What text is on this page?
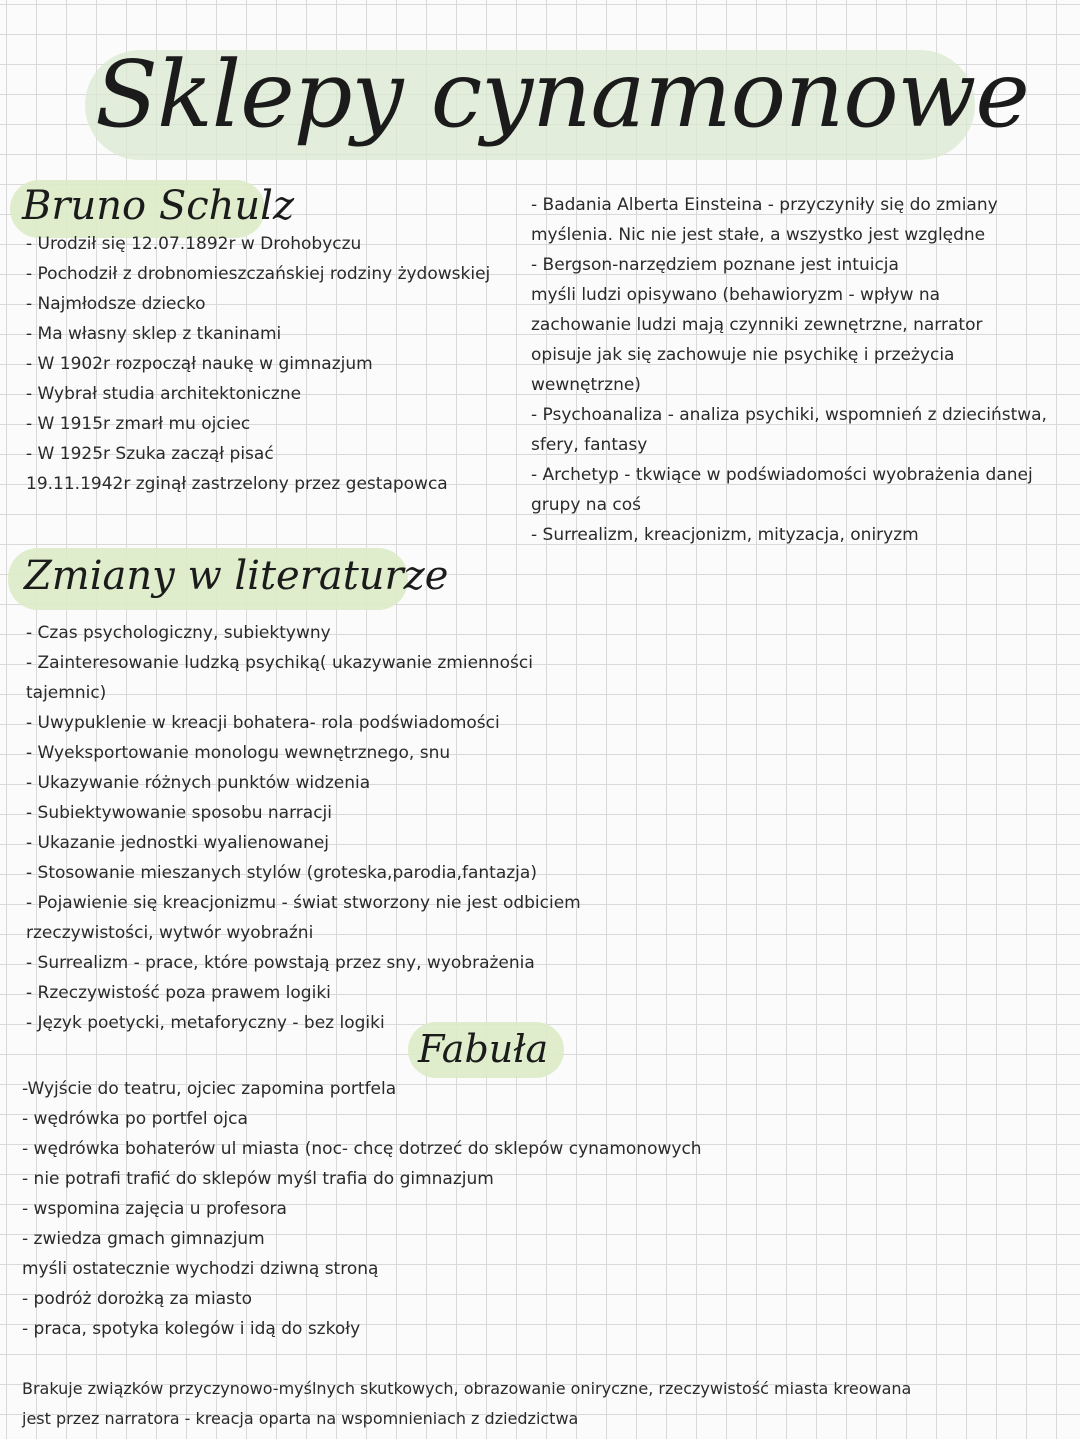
Sklepy cynamonowe
Bruno Schulz
- Urodził się 12.07.1892r w Drohobyczu
- Pochodził z drobnomieszczańskiej rodziny żydowskiej
- Najmłodsze dziecko
- Ma własny sklep z tkaninami
- W 1902r rozpoczął naukę w gimnazjum
- Wybrał studia architektoniczne
- W 1915r zmarł mu ojciec
- W 1925r Szuka zaczął pisać
19.11.1942r zginął zastrzelony przez gestapowca
- Badania Alberta Einsteina - przyczyniły się do zmiany
myślenia. Nic nie jest stałe, a wszystko jest względne
- Bergson-narzędziem poznane jest intuicja
myśli ludzi opisywano (behawioryzm - wpływ na
zachowanie ludzi mają czynniki zewnętrzne, narrator
opisuje jak się zachowuje nie psychikę i przeżycia
wewnętrzne)
- Psychoanaliza - analiza psychiki, wspomnień z dzieciństwa,
sfery, fantasy
- Archetyp - tkwiące w podświadomości wyobrażenia danej
grupy na coś
- Surrealizm, kreacjonizm, mityzacja, oniryzm
Zmiany w literaturze
- Czas psychologiczny, subiektywny
- Zainteresowanie ludzką psychiką( ukazywanie zmienności
tajemnic)
- Uwypuklenie w kreacji bohatera- rola podświadomości
- Wyeksportowanie monologu wewnętrznego, snu
- Ukazywanie różnych punktów widzenia
- Subiektywowanie sposobu narracji
- Ukazanie jednostki wyalienowanej
- Stosowanie mieszanych stylów (groteska,parodia,fantazja)
- Pojawienie się kreacjonizmu - świat stworzony nie jest odbiciem
rzeczywistości, wytwór wyobraźni
- Surrealizm - prace, które powstają przez sny, wyobrażenia
- Rzeczywistość poza prawem logiki
- Język poetycki, metaforyczny - bez logiki
Fabuła
-Wyjście do teatru, ojciec zapomina portfela
- wędrówka po portfel ojca
- wędrówka bohaterów ul miasta (noc- chcę dotrzeć do sklepów cynamonowych
- nie potrafi trafić do sklepów myśl trafia do gimnazjum
- wspomina zajęcia u profesora
- zwiedza gmach gimnazjum
myśli ostatecznie wychodzi dziwną stroną
- podróż dorożką za miasto
- praca, spotyka kolegów i idą do szkoły
Brakuje związków przyczynowo-myślnych skutkowych, obrazowanie oniryczne, rzeczywistość miasta kreowana
jest przez narratora - kreacja oparta na wspomnieniach z dziedzictwa
